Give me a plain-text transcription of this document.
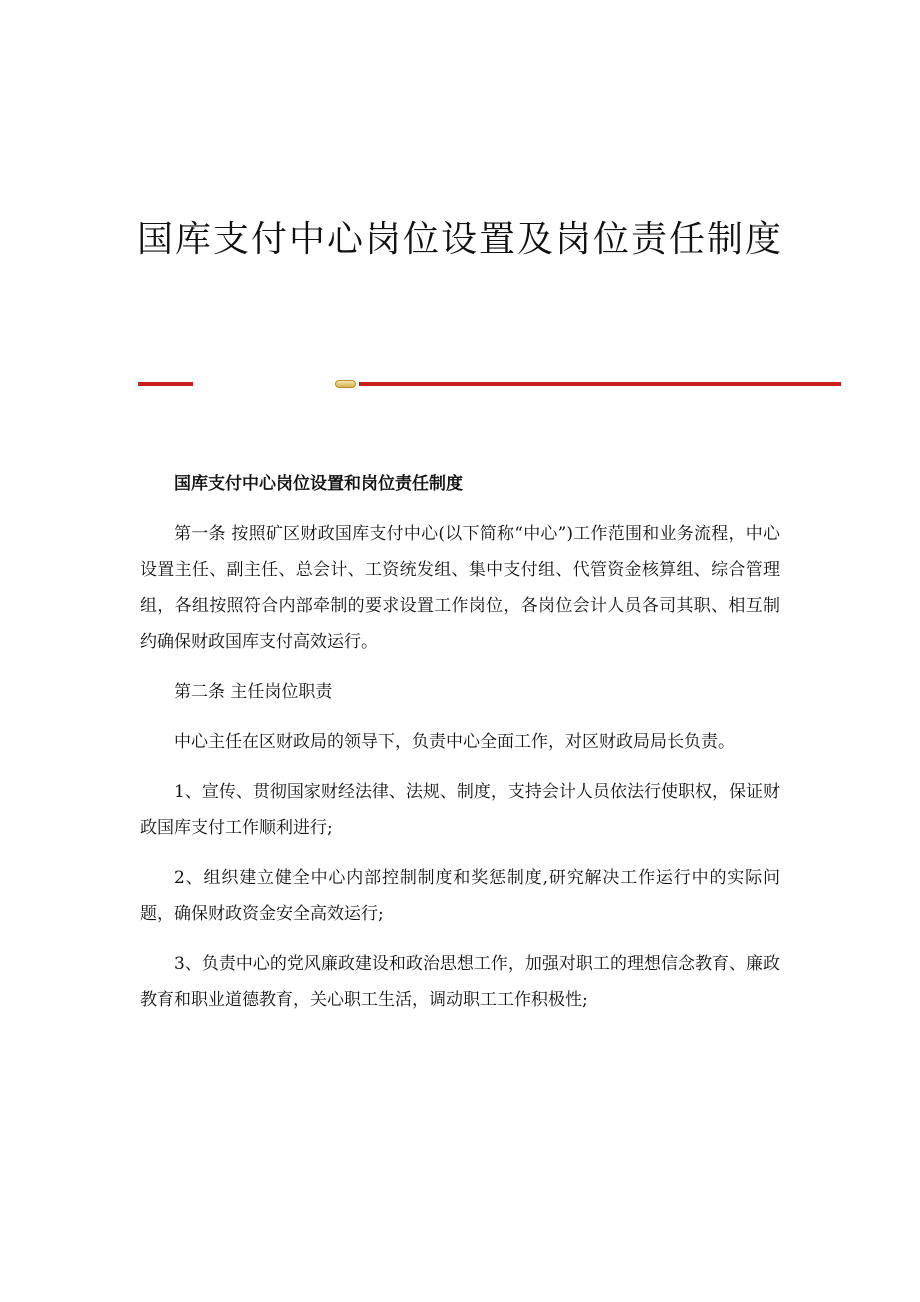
国库支付中心岗位设置及岗位责任制度

国库支付中心岗位设置和岗位责任制度

第一条 按照矿区财政国库支付中心(以下简称“中心”)工作范围和业务流程，中心设置主任、副主任、总会计、工资统发组、集中支付组、代管资金核算组、综合管理组，各组按照符合内部牵制的要求设置工作岗位，各岗位会计人员各司其职、相互制约确保财政国库支付高效运行。

第二条 主任岗位职责

中心主任在区财政局的领导下，负责中心全面工作，对区财政局局长负责。

1、宣传、贯彻国家财经法律、法规、制度，支持会计人员依法行使职权，保证财政国库支付工作顺利进行;

2、组织建立健全中心内部控制制度和奖惩制度,研究解决工作运行中的实际问题，确保财政资金安全高效运行;

3、负责中心的党风廉政建设和政治思想工作，加强对职工的理想信念教育、廉政教育和职业道德教育，关心职工生活，调动职工工作积极性;
